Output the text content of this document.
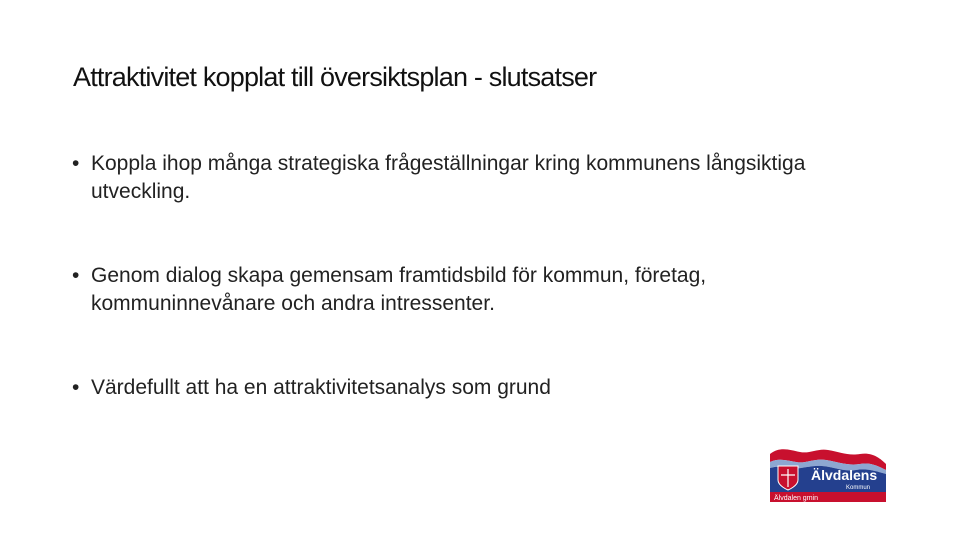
Attraktivitet kopplat till översiktsplan - slutsatser
• Koppla ihop många strategiska frågeställningar kring kommunens långsiktiga utveckling.
• Genom dialog skapa gemensam framtidsbild för kommun, företag, kommuninnevånare och andra intressenter.
• Värdefullt att ha en attraktivitetsanalys som grund
Älvdalens
Kommun
Älvdalen gmin
